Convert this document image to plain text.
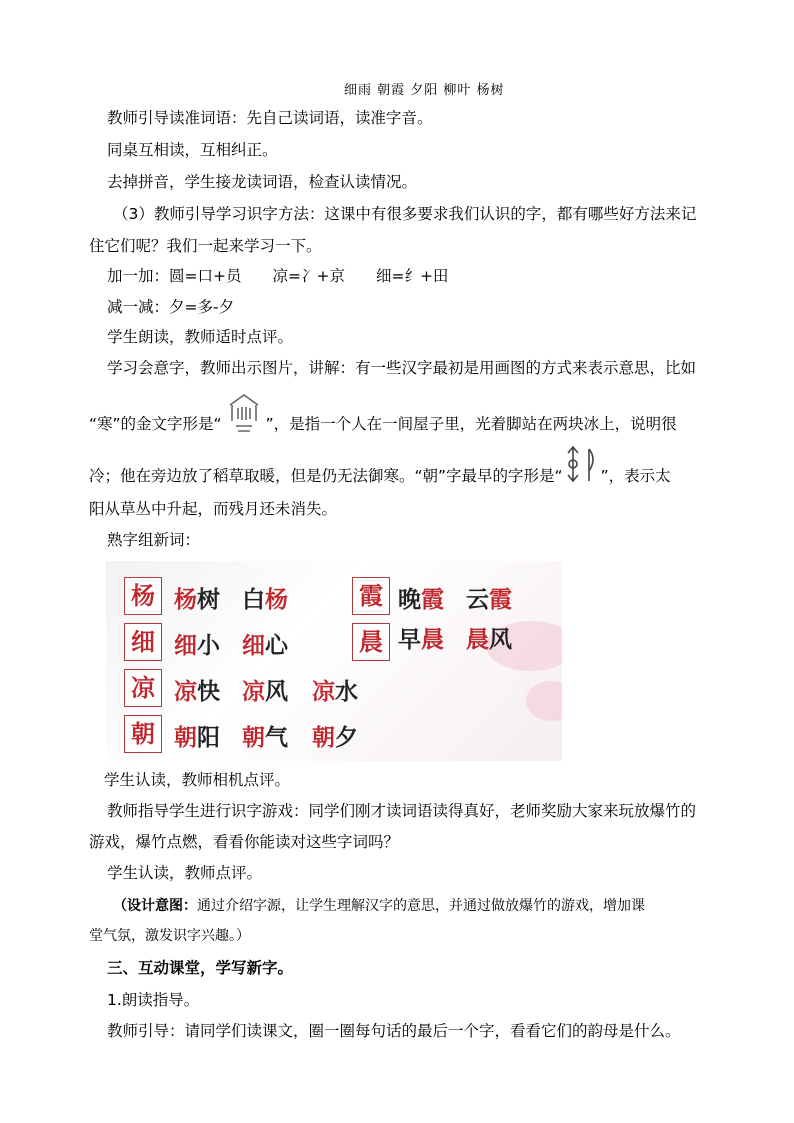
细雨 朝霞 夕阳 柳叶 杨树
教师引导读准词语：先自己读词语，读准字音。
同桌互相读，互相纠正。
去掉拼音，学生接龙读词语，检查认读情况。
（3）教师引导学习识字方法：这课中有很多要求我们认识的字，都有哪些好方法来记
住它们呢？我们一起来学习一下。
加一加：圆=口+员　　凉=冫+京　　细=纟+田
减一减：夕=多-夕
学生朗读，教师适时点评。
学习会意字，教师出示图片，讲解：有一些汉字最初是用画图的方式来表示意思，比如
“寒”的金文字形是“	”，是指一个人在一间屋子里，光着脚站在两块冰上，说明很
冷；他在旁边放了稻草取暖，但是仍无法御寒。“朝”字最早的字形是“ ”，表示太
阳从草丛中升起，而残月还未消失。
熟字组新词：
杨 杨树 白杨
细 细小 细心
凉 凉快 凉风 凉水
朝 朝阳 朝气 朝夕
霞 晚霞 云霞
晨 早晨 晨风
学生认读，教师相机点评。
教师指导学生进行识字游戏：同学们刚才读词语读得真好，老师奖励大家来玩放爆竹的
游戏，爆竹点燃，看看你能读对这些字词吗？
学生认读，教师点评。
（设计意图：通过介绍字源，让学生理解汉字的意思，并通过做放爆竹的游戏，增加课
堂气氛，激发识字兴趣。）
三、互动课堂，学写新字。
1.朗读指导。
教师引导：请同学们读课文，圈一圈每句话的最后一个字，看看它们的韵母是什么。
